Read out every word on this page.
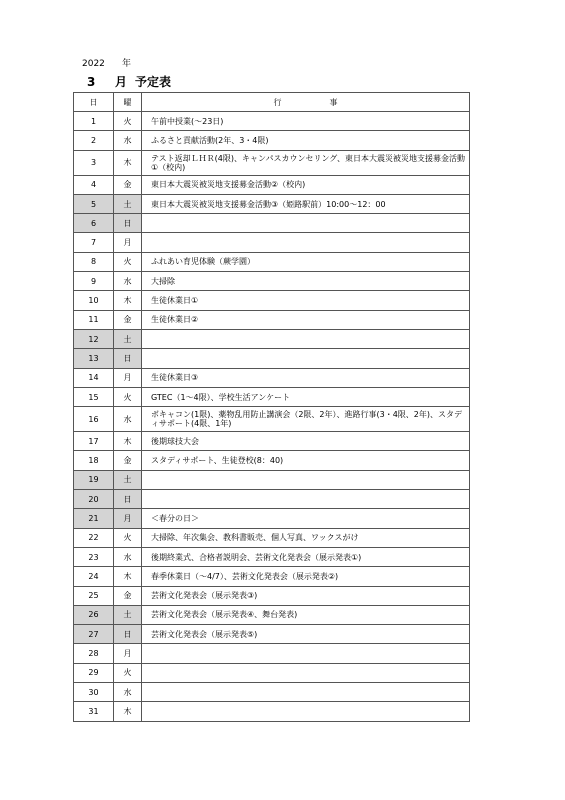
2022 年
3 月 予定表
日	曜	行 事
1	火	午前中授業(〜23日)
2	水	ふるさと貢献活動(2年、3・4限)
3	木	テスト返却ＬＨＲ(4限)、キャンパスカウンセリング、東日本大震災被災地支援募金活動①（校内)
4	金	東日本大震災被災地支援募金活動②（校内)
5	土	東日本大震災被災地支援募金活動③（姫路駅前）10:00〜12：00
6	日	
7	月	
8	火	ふれあい育児体験（蕨学園）
9	水	大掃除
10	木	生徒休業日①
11	金	生徒休業日②
12	土	
13	日	
14	月	生徒休業日③
15	火	GTEC（1〜4限）、学校生活アンケート
16	水	ボキャコン(1限)、薬物乱用防止講演会（2限、2年）、進路行事(3・4限、2年)、スタディサポート(4限、1年)
17	木	後期球技大会
18	金	スタディサポート、生徒登校(8：40)
19	土	
20	日	
21	月	＜春分の日＞
22	火	大掃除、年次集会、教科書販売、個人写真、ワックスがけ
23	水	後期終業式、合格者説明会、芸術文化発表会（展示発表①)
24	木	春季休業日（〜4/7）、芸術文化発表会（展示発表②)
25	金	芸術文化発表会（展示発表③)
26	土	芸術文化発表会（展示発表④、舞台発表)
27	日	芸術文化発表会（展示発表⑤)
28	月	
29	火	
30	水	
31	木	
